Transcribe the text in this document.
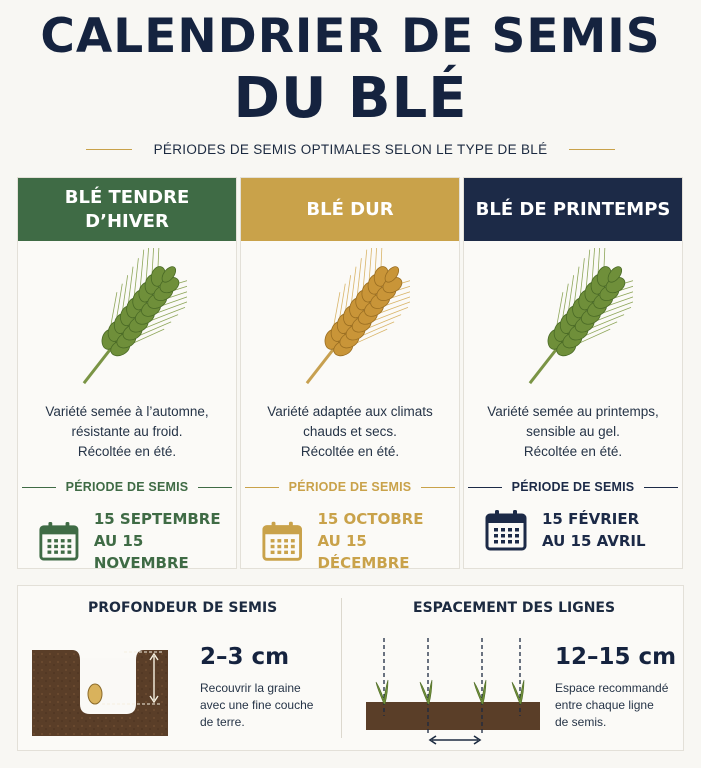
CALENDRIER DE SEMIS
DU BLÉ
PÉRIODES DE SEMIS OPTIMALES SELON LE TYPE DE BLÉ
BLÉ TENDRE D’HIVER
Variété semée à l’automne,
résistante au froid.
Récoltée en été.
PÉRIODE DE SEMIS
15 SEPTEMBRE
AU 15 NOVEMBRE
BLÉ DUR
Variété adaptée aux climats
chauds et secs.
Récoltée en été.
PÉRIODE DE SEMIS
15 OCTOBRE
AU 15 DÉCEMBRE
BLÉ DE PRINTEMPS
Variété semée au printemps,
sensible au gel.
Récoltée en été.
PÉRIODE DE SEMIS
15 FÉVRIER
AU 15 AVRIL
PROFONDEUR DE SEMIS
2–3 cm
Recouvrir la graine
avec une fine couche
de terre.
ESPACEMENT DES LIGNES
12–15 cm
Espace recommandé
entre chaque ligne
de semis.
